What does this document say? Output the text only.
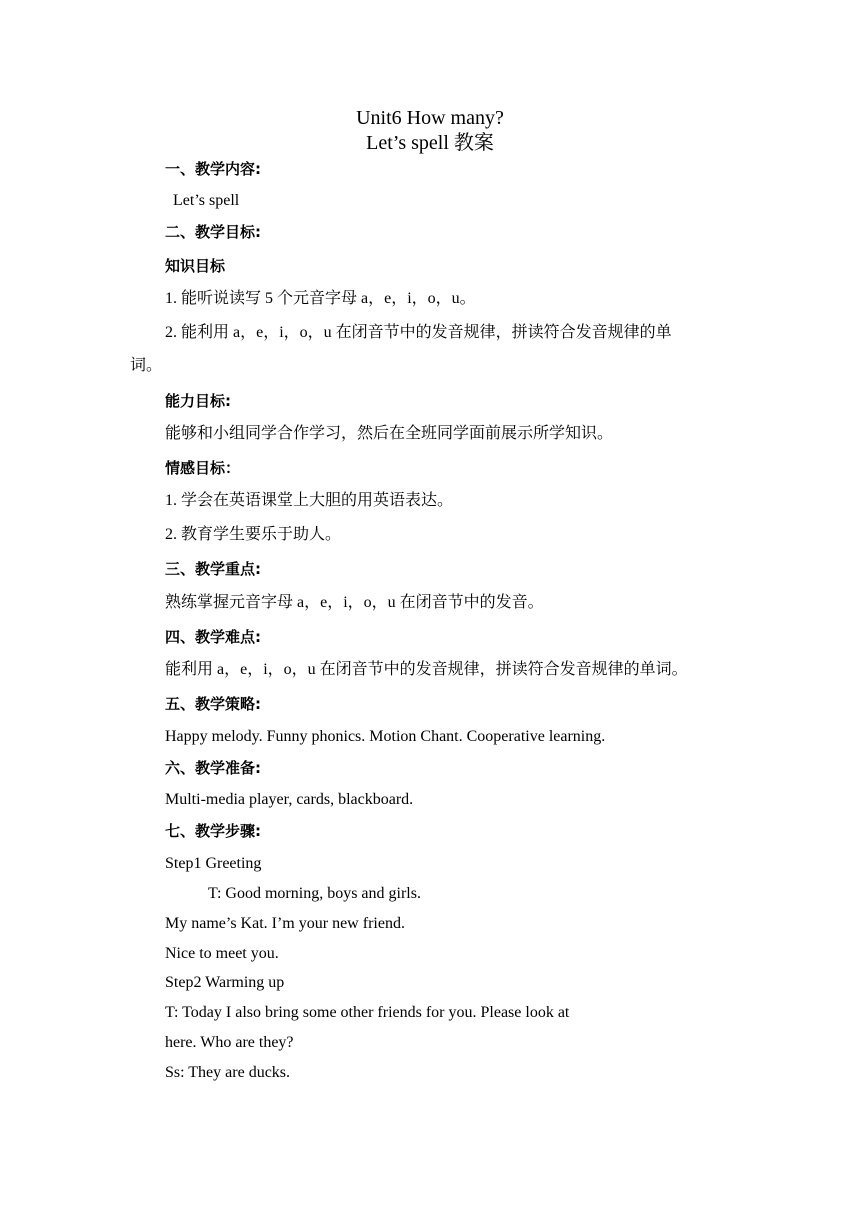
Unit6 How many?
Let’s spell 教案
一、教学内容:
Let’s spell
二、教学目标:
知识目标
1. 能听说读写 5 个元音字母 a，e，i，o，u。
2. 能利用 a，e，i，o，u 在闭音节中的发音规律，拼读符合发音规律的单
词。
能力目标:
能够和小组同学合作学习，然后在全班同学面前展示所学知识。
情感目标：
1. 学会在英语课堂上大胆的用英语表达。
2. 教育学生要乐于助人。
三、教学重点:
熟练掌握元音字母 a，e，i，o，u 在闭音节中的发音。
四、教学难点:
能利用 a，e，i，o，u 在闭音节中的发音规律，拼读符合发音规律的单词。
五、教学策略:
Happy melody. Funny phonics. Motion Chant. Cooperative learning.
六、教学准备:
Multi-media player, cards, blackboard.
七、教学步骤:
Step1 Greeting
T: Good morning, boys and girls.
My name’s Kat. I’m your new friend.
Nice to meet you.
Step2 Warming up
T: Today I also bring some other friends for you. Please look at
here. Who are they?
Ss: They are ducks.
